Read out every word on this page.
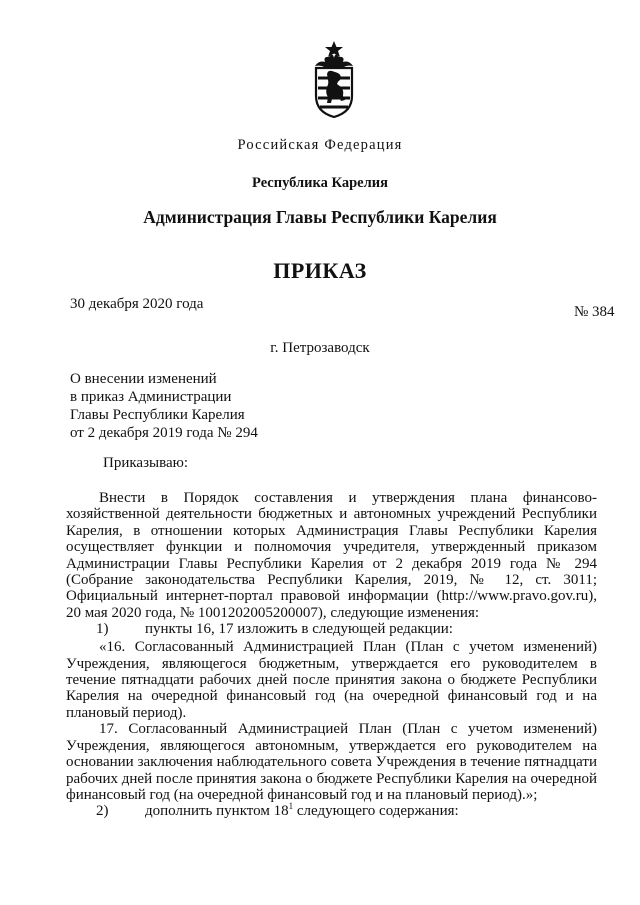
Российская Федерация
Республика Карелия
Администрация Главы Республики Карелия
ПРИКАЗ
30 декабря 2020 года	№ 384
г. Петрозаводск
О внесении изменений
в приказ Администрации
Главы Республики Карелия
от 2 декабря 2019 года № 294
Приказываю:

Внести в Порядок составления и утверждения плана финансово-хозяйственной деятельности бюджетных и автономных учреждений Республики Карелия, в отношении которых Администрация Главы Республики Карелия осуществляет функции и полномочия учредителя, утвержденный приказом Администрации Главы Республики Карелия от 2 декабря 2019 года № 294 (Собрание законодательства Республики Карелия, 2019, № 12, ст. 3011; Официальный интернет-портал правовой информации (http://www.pravo.gov.ru), 20 мая 2020 года, № 1001202005200007), следующие изменения:

1) пункты 16, 17 изложить в следующей редакции:

«16. Согласованный Администрацией План (План с учетом изменений) Учреждения, являющегося бюджетным, утверждается его руководителем в течение пятнадцати рабочих дней после принятия закона о бюджете Республики Карелия на очередной финансовый год (на очередной финансовый год и на плановый период).

17. Согласованный Администрацией План (План с учетом изменений) Учреждения, являющегося автономным, утверждается его руководителем на основании заключения наблюдательного совета Учреждения в течение пятнадцати рабочих дней после принятия закона о бюджете Республики Карелия на очередной финансовый год (на очередной финансовый год и на плановый период).»;

2) дополнить пунктом $18^1$ следующего содержания:
